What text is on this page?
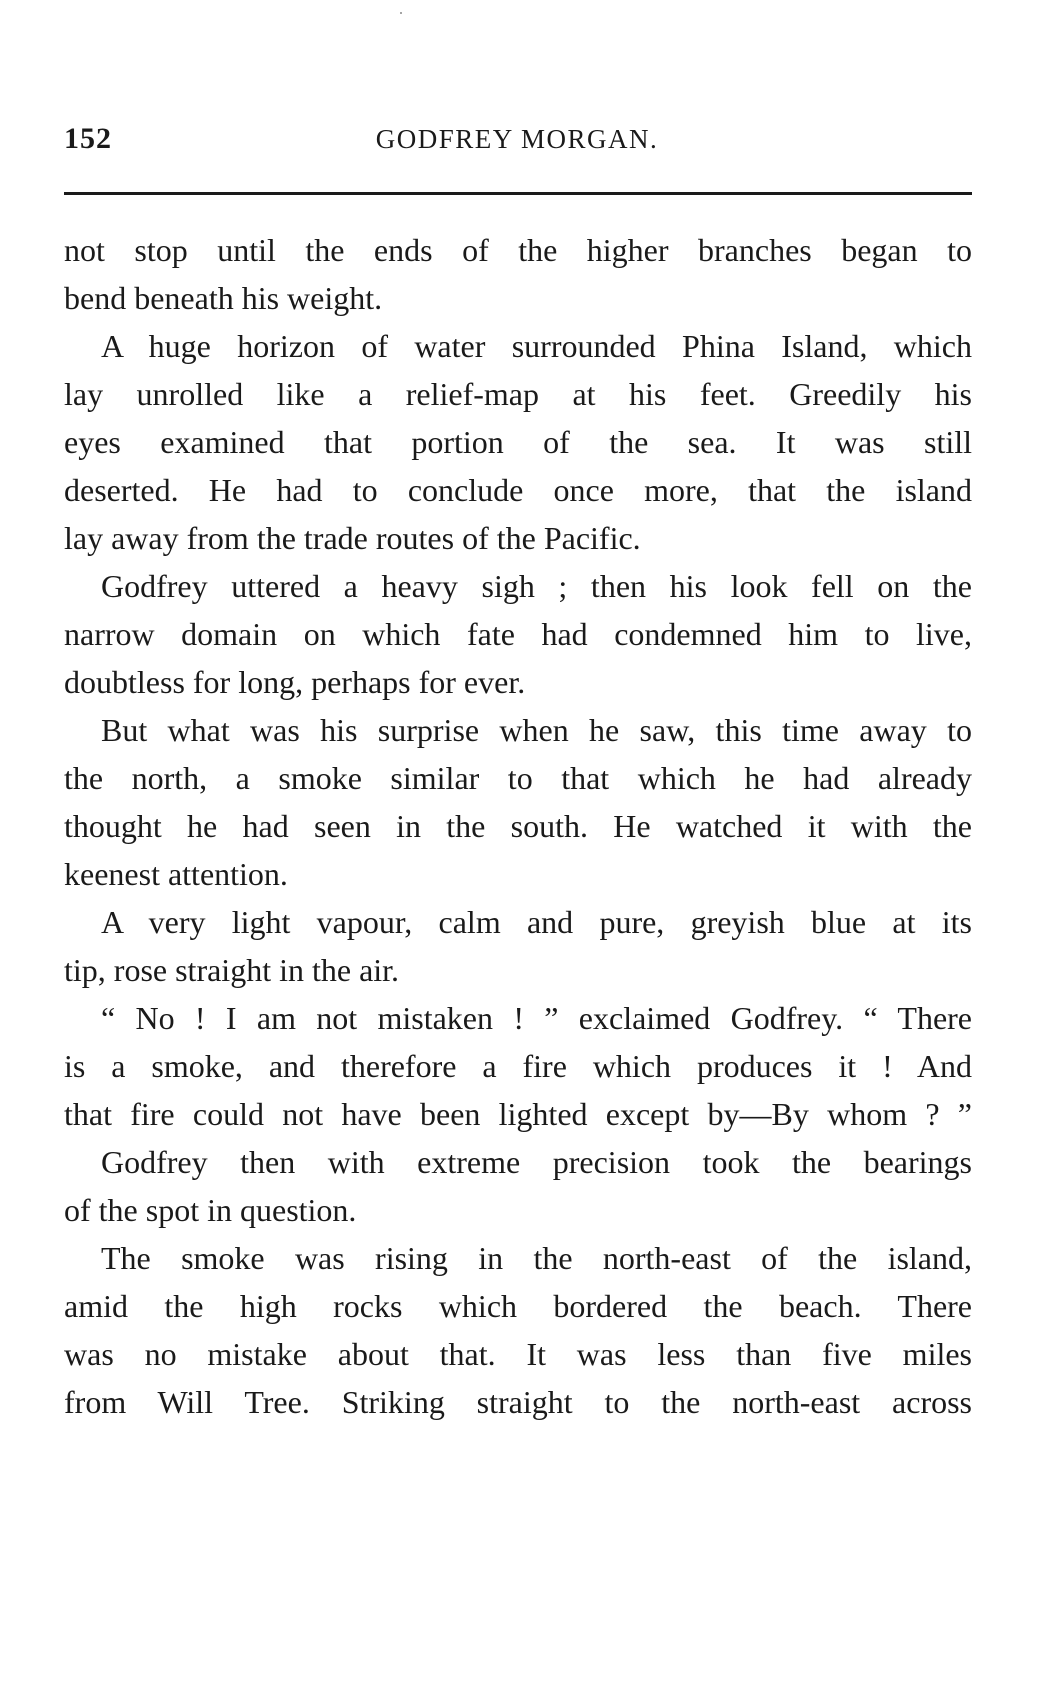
152	GODFREY MORGAN.
not stop until the ends of the higher branches began to
bend beneath his weight.
A huge horizon of water surrounded Phina Island, which
lay unrolled like a relief-map at his feet. Greedily his
eyes examined that portion of the sea. It was still
deserted. He had to conclude once more, that the island
lay away from the trade routes of the Pacific.
Godfrey uttered a heavy sigh ; then his look fell on the
narrow domain on which fate had condemned him to live,
doubtless for long, perhaps for ever.
But what was his surprise when he saw, this time away to
the north, a smoke similar to that which he had already
thought he had seen in the south. He watched it with the
keenest attention.
A very light vapour, calm and pure, greyish blue at its
tip, rose straight in the air.
“ No ! I am not mistaken ! ” exclaimed Godfrey. “ There
is a smoke, and therefore a fire which produces it ! And
that fire could not have been lighted except by—By whom ? ”
Godfrey then with extreme precision took the bearings
of the spot in question.
The smoke was rising in the north-east of the island,
amid the high rocks which bordered the beach. There
was no mistake about that. It was less than five miles
from Will Tree. Striking straight to the north-east across
